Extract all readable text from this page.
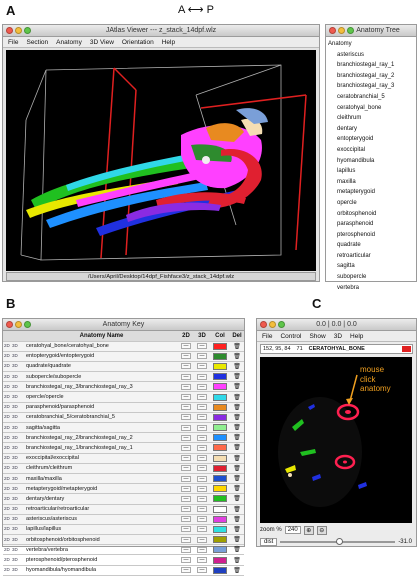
A
B	C
A ⟷ P
JAtlas Viewer --- z_stack_14dpf.wlz
File Section Anatomy 3D View Orientation Help
/Users/April/Desktop/14dpf_Fishface3/z_stack_14dpf.wlz
Anatomy Tree
Anatomy
asteriscus
branchiostegal_ray_1
branchiostegal_ray_2
branchiostegal_ray_3
ceratobranchial_5
ceratohyal_bone
cleithrum
dentary
entopterygoid
exoccipital
hyomandibula
lapillus
maxilla
metapterygoid
opercle
orbitosphenoid
parasphenoid
pterosphenoid
quadrate
retroarticular
sagitta
subopercle
vertebra
Anatomy Key
	Anatomy Name	2D	3D	Col	Del
2D 3D	ceratohyal_bone/ceratohyal_bone	—	—		🗑
2D 3D	entopterygoid/entopterygoid	—	—		🗑
2D 3D	quadrate/quadrate	—	—		🗑
2D 3D	subopercle/subopercle	—	—		🗑
2D 3D	branchiostegal_ray_3/branchiostegal_ray_3	—	—		🗑
2D 3D	opercle/opercle	—	—		🗑
2D 3D	parasphenoid/parasphenoid	—	—		🗑
2D 3D	ceratobranchial_5/ceratobranchial_5	—	—		🗑
2D 3D	sagitta/sagitta	—	—		🗑
2D 3D	branchiostegal_ray_2/branchiostegal_ray_2	—	—		🗑
2D 3D	branchiostegal_ray_1/branchiostegal_ray_1	—	—		🗑
2D 3D	exoccipital/exoccipital	—	—		🗑
2D 3D	cleithrum/cleithrum	—	—		🗑
2D 3D	maxilla/maxilla	—	—		🗑
2D 3D	metapterygoid/metapterygoid	—	—		🗑
2D 3D	dentary/dentary	—	—		🗑
2D 3D	retroarticular/retroarticular	—	—		🗑
2D 3D	asteriscus/asteriscus	—	—		🗑
2D 3D	lapillus/lapillus	—	—		🗑
2D 3D	orbitosphenoid/orbitosphenoid	—	—		🗑
2D 3D	vertebra/vertebra	—	—		🗑
2D 3D	pterosphenoid/pterosphenoid	—	—		🗑
2D 3D	hyomandibula/hyomandibula	—	—		🗑
0.0 | 0.0 | 0.0
File Control Show 3D Help
152, 95, 84 71 CERATOHYAL_BONE
mouse
click
anatomy
zoom %	240	⊕	⊖
dist	-31.0
